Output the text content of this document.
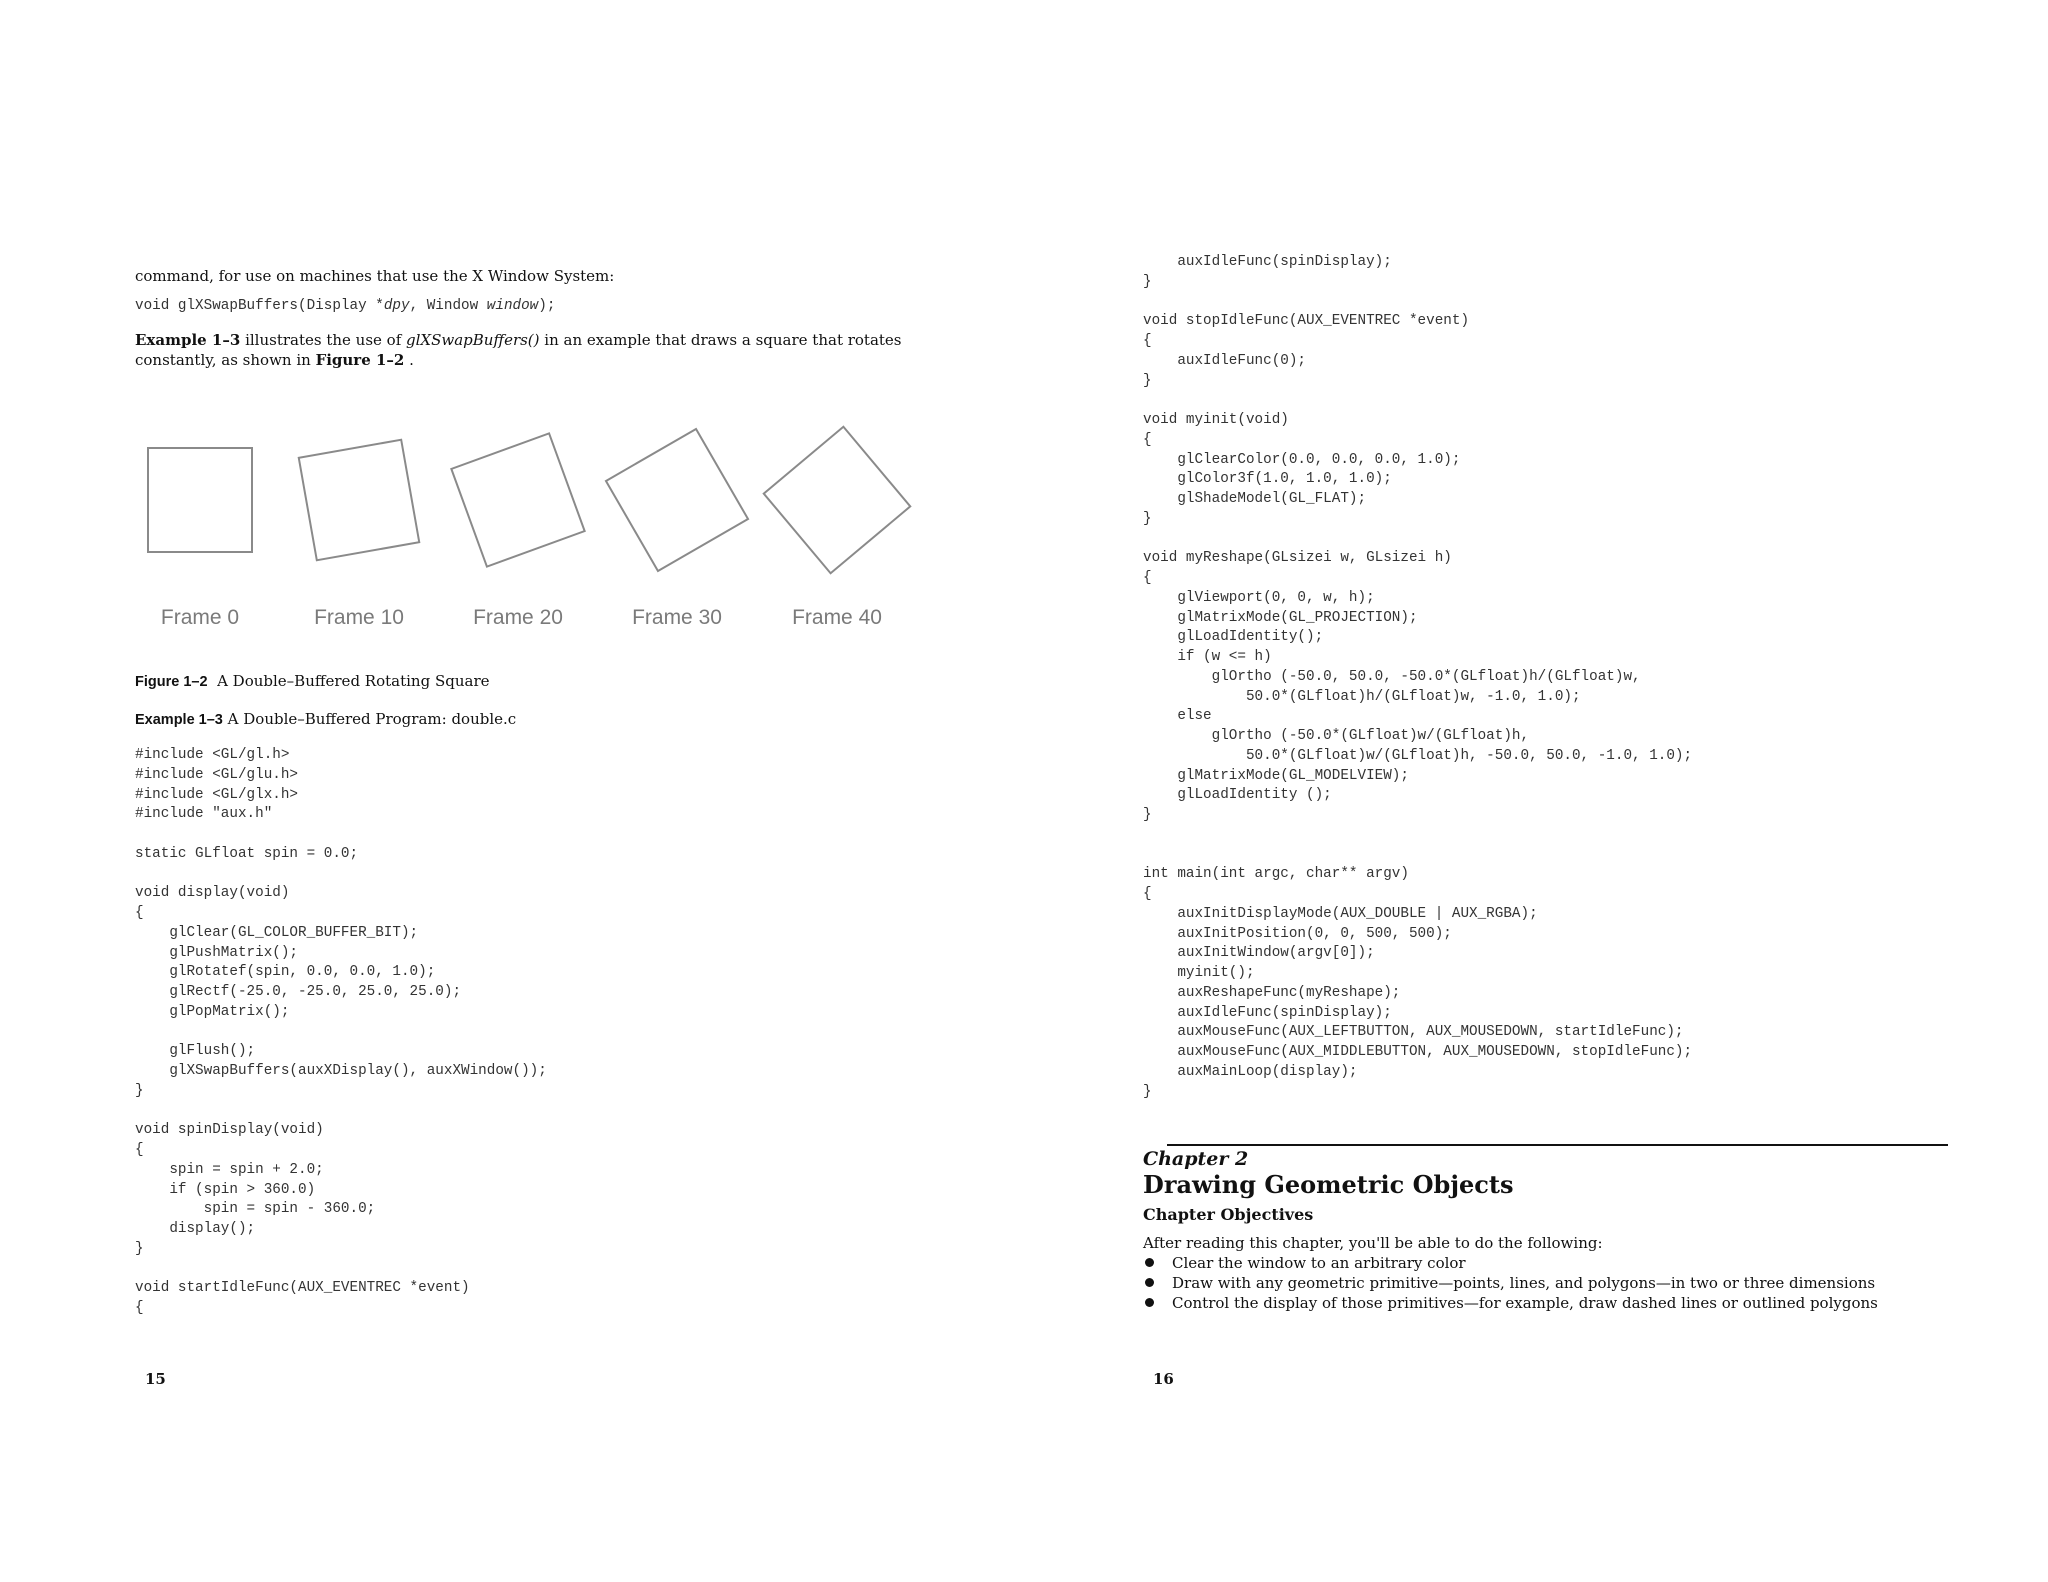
command, for use on machines that use the X Window System:

void glXSwapBuffers(Display *dpy, Window window);

Example 1–3 illustrates the use of glXSwapBuffers() in an example that draws a square that rotates
constantly, as shown in Figure 1–2 .

Frame 0	Frame 10	Frame 20	Frame 30	Frame 40

Figure 1–2 A Double–Buffered Rotating Square

Example 1–3 A Double–Buffered Program: double.c

#include <GL/gl.h>
#include <GL/glu.h>
#include <GL/glx.h>
#include "aux.h"

static GLfloat spin = 0.0;

void display(void)
{
glClear(GL_COLOR_BUFFER_BIT);
glPushMatrix();
glRotatef(spin, 0.0, 0.0, 1.0);
glRectf(-25.0, -25.0, 25.0, 25.0);
glPopMatrix();

glFlush();
glXSwapBuffers(auxXDisplay(), auxXWindow());
}

void spinDisplay(void)
{
spin = spin + 2.0;
if (spin > 360.0)
spin = spin - 360.0;
display();
}

void startIdleFunc(AUX_EVENTREC *event)
{

15

auxIdleFunc(spinDisplay);
}

void stopIdleFunc(AUX_EVENTREC *event)
{
auxIdleFunc(0);
}

void myinit(void)
{
glClearColor(0.0, 0.0, 0.0, 1.0);
glColor3f(1.0, 1.0, 1.0);
glShadeModel(GL_FLAT);
}

void myReshape(GLsizei w, GLsizei h)
{
glViewport(0, 0, w, h);
glMatrixMode(GL_PROJECTION);
glLoadIdentity();
if (w <= h)
glOrtho (-50.0, 50.0, -50.0*(GLfloat)h/(GLfloat)w,
50.0*(GLfloat)h/(GLfloat)w, -1.0, 1.0);
else
glOrtho (-50.0*(GLfloat)w/(GLfloat)h,
50.0*(GLfloat)w/(GLfloat)h, -50.0, 50.0, -1.0, 1.0);
glMatrixMode(GL_MODELVIEW);
glLoadIdentity ();
}

int main(int argc, char** argv)
{
auxInitDisplayMode(AUX_DOUBLE | AUX_RGBA);
auxInitPosition(0, 0, 500, 500);
auxInitWindow(argv[0]);
myinit();
auxReshapeFunc(myReshape);
auxIdleFunc(spinDisplay);
auxMouseFunc(AUX_LEFTBUTTON, AUX_MOUSEDOWN, startIdleFunc);
auxMouseFunc(AUX_MIDDLEBUTTON, AUX_MOUSEDOWN, stopIdleFunc);
auxMainLoop(display);
}

Chapter 2

Drawing Geometric Objects

Chapter Objectives

After reading this chapter, you'll be able to do the following:

Clear the window to an arbitrary color
Draw with any geometric primitive—points, lines, and polygons—in two or three dimensions
Control the display of those primitives—for example, draw dashed lines or outlined polygons

16
